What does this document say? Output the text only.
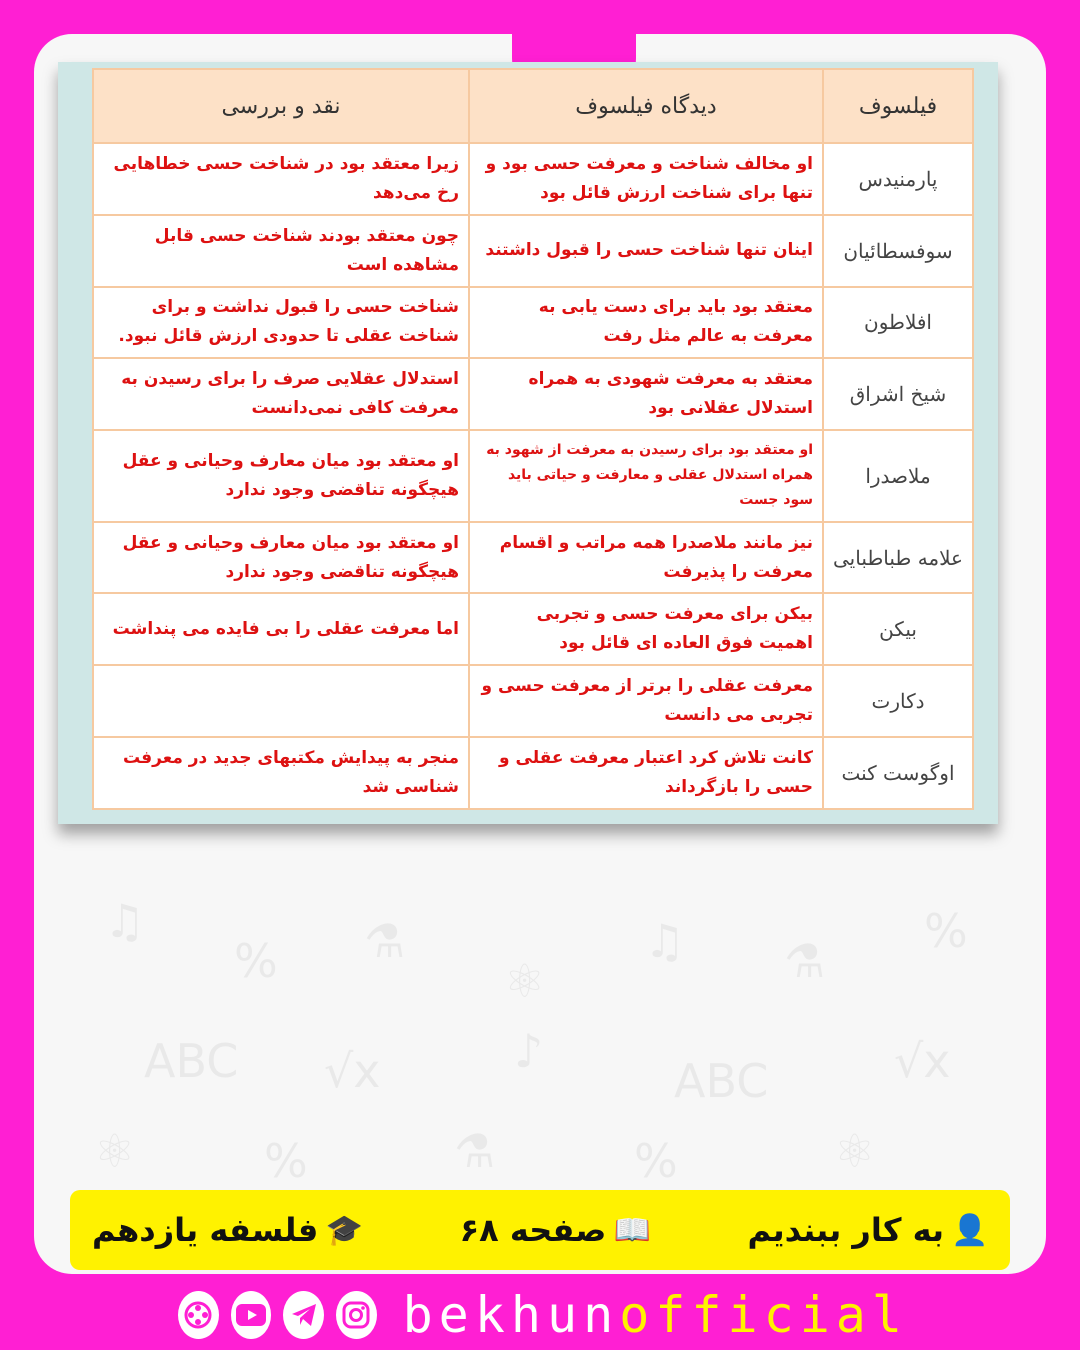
♫
% ⚗
⚛
♫ ⚗
%
ABC √x	♪
ABC	√x
⚛	%	⚗	%	⚛
فیلسوف	دیدگاه فیلسوف	نقد و بررسی
پارمنیدس	او مخالف شناخت و معرفت حسی بود و تنها برای شناخت ارزش قائل بود	زیرا معتقد بود در شناخت حسی خطاهایی رخ می‌دهد

سوفسطائیان	اینان تنها شناخت حسی را قبول داشتند	چون معتقد بودند شناخت حسی قابل مشاهده است

افلاطون	معتقد بود باید برای دست یابی به معرفت به عالم مثل رفت	شناخت حسی را قبول نداشت و برای شناخت عقلی تا حدودی ارزش قائل نبود.

شیخ اشراق	معتقد به معرفت شهودی به همراه استدلال عقلانی بود	استدلال عقلایی صرف را برای رسیدن به معرفت کافی نمی‌دانست

ملاصدرا	او معتقد بود برای رسیدن به معرفت از شهود به همراه استدلال عقلی و معارفت و حیاتی باید سود جست	او معتقد بود میان معارف وحیانی و عقل هیچگونه تناقضی وجود ندارد

علامه طباطبایی	نیز مانند ملاصدرا همه مراتب و اقسام معرفت را پذیرفت	او معتقد بود میان معارف وحیانی و عقل هیچگونه تناقضی وجود ندارد

بیکن	بیکن برای معرفت حسی و تجربی اهمیت فوق العاده ای قائل بود	اما معرفت عقلی را بی فایده می پنداشت

دکارت	معرفت عقلی را برتر از معرفت حسی و تجربی می دانست	

اوگوست کنت	کانت تلاش کرد اعتبار معرفت عقلی و حسی را بازگرداند	منجر به پیدایش مکتبهای جدید در معرفت شناسی شد
👤
به کار ببندیم
📖
صفحه ۶۸
🎓
فلسفه یازدهم
bekhunofficial
